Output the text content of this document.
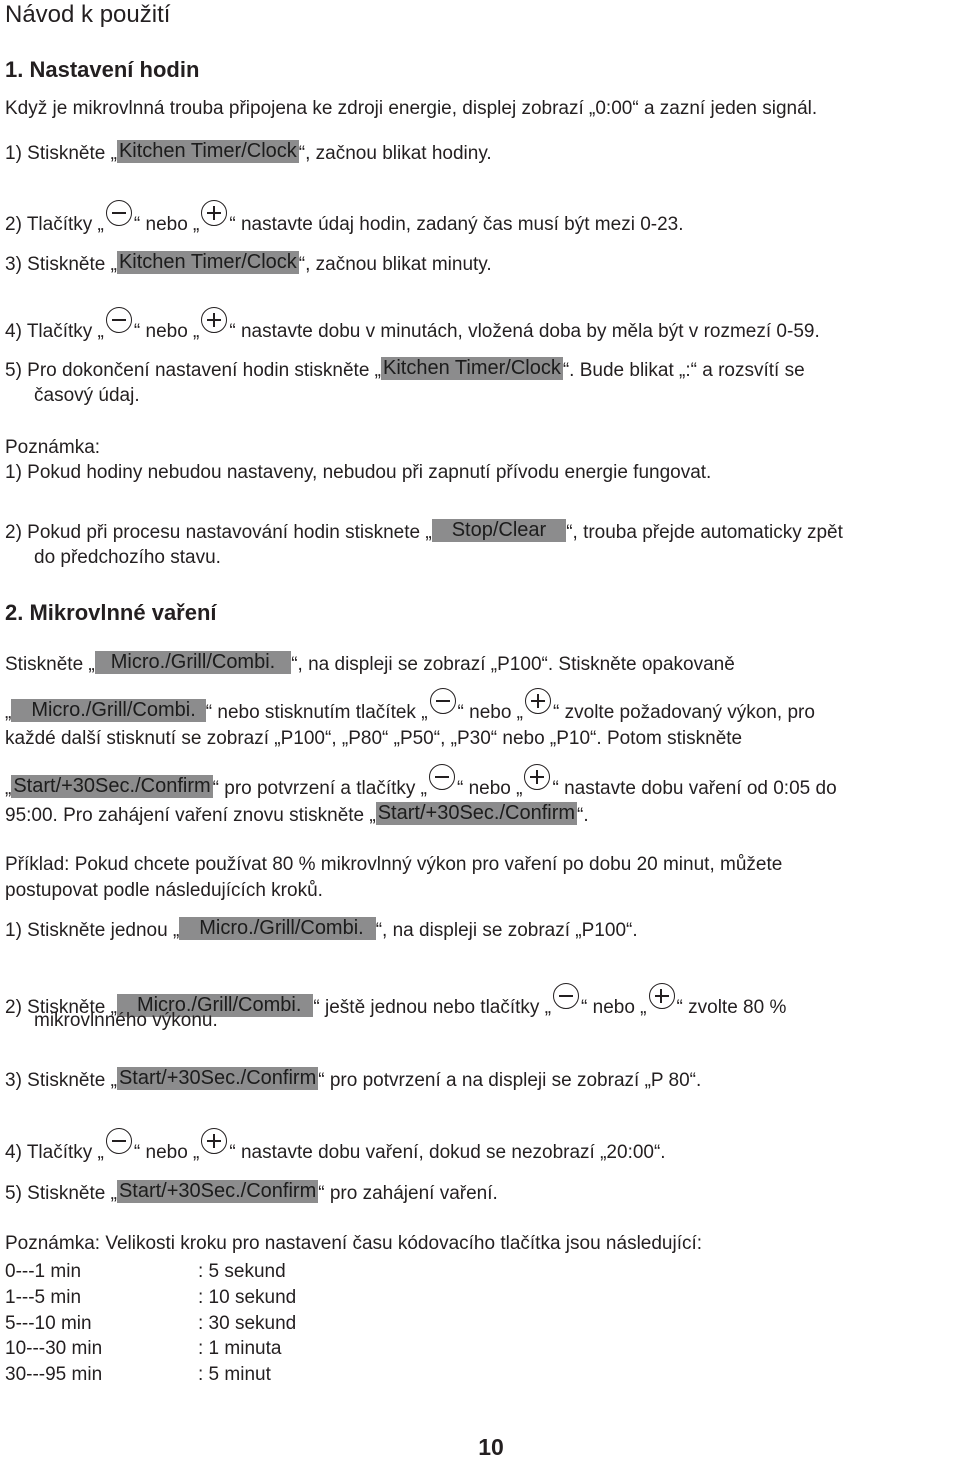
Návod k použití
1. Nastavení hodin
Když je mikrovlnná trouba připojena ke zdroji energie, displej zobrazí „0:00“ a zazní jeden signál.
1) Stiskněte „ Kitchen Timer/Clock “, začnou blikat hodiny.
2) Tlačítky „ “ nebo „ “ nastavte údaj hodin, zadaný čas musí být mezi 0-23.
3) Stiskněte „ Kitchen Timer/Clock “, začnou blikat minuty.
4) Tlačítky „ “ nebo „ “ nastavte dobu v minutách, vložená doba by měla být v rozmezí 0-59.
5) Pro dokončení nastavení hodin stiskněte „ Kitchen Timer/Clock “. Bude blikat „:“ a rozsvítí se
časový údaj.
Poznámka:
1) Pokud hodiny nebudou nastaveny, nebudou při zapnutí přívodu energie fungovat.
2) Pokud při procesu nastavování hodin stisknete „ Stop/Clear “, trouba přejde automaticky zpět
do předchozího stavu.
2. Mikrovlnné vaření
Stiskněte „ Micro./Grill/Combi. “, na displeji se zobrazí „P100“. Stiskněte opakovaně
„ Micro./Grill/Combi. “ nebo stisknutím tlačítek „ “ nebo „ “ zvolte požadovaný výkon, pro
každé další stisknutí se zobrazí „P100“, „P80“ „P50“, „P30“ nebo „P10“. Potom stiskněte
„ Start/+30Sec./Confirm “ pro potvrzení a tlačítky „ “ nebo „ “ nastavte dobu vaření od 0:05 do
95:00. Pro zahájení vaření znovu stiskněte „ Start/+30Sec./Confirm “.
Příklad: Pokud chcete používat 80 % mikrovlnný výkon pro vaření po dobu 20 minut, můžete
postupovat podle následujících kroků.
1) Stiskněte jednou „ Micro./Grill/Combi. “, na displeji se zobrazí „P100“.
2) Stiskněte „ Micro./Grill/Combi. “ ještě jednou nebo tlačítky „ “ nebo „ “ zvolte 80 %
mikrovlnného výkonu.
3) Stiskněte „ Start/+30Sec./Confirm “ pro potvrzení a na displeji se zobrazí „P 80“.
4) Tlačítky „ “ nebo „ “ nastavte dobu vaření, dokud se nezobrazí „20:00“.
5) Stiskněte „ Start/+30Sec./Confirm “ pro zahájení vaření.
Poznámka: Velikosti kroku pro nastavení času kódovacího tlačítka jsou následující:
0---1 min	: 5 sekund
1---5 min	: 10 sekund
5---10 min	: 30 sekund
10---30 min	: 1 minuta
30---95 min	: 5 minut
10
